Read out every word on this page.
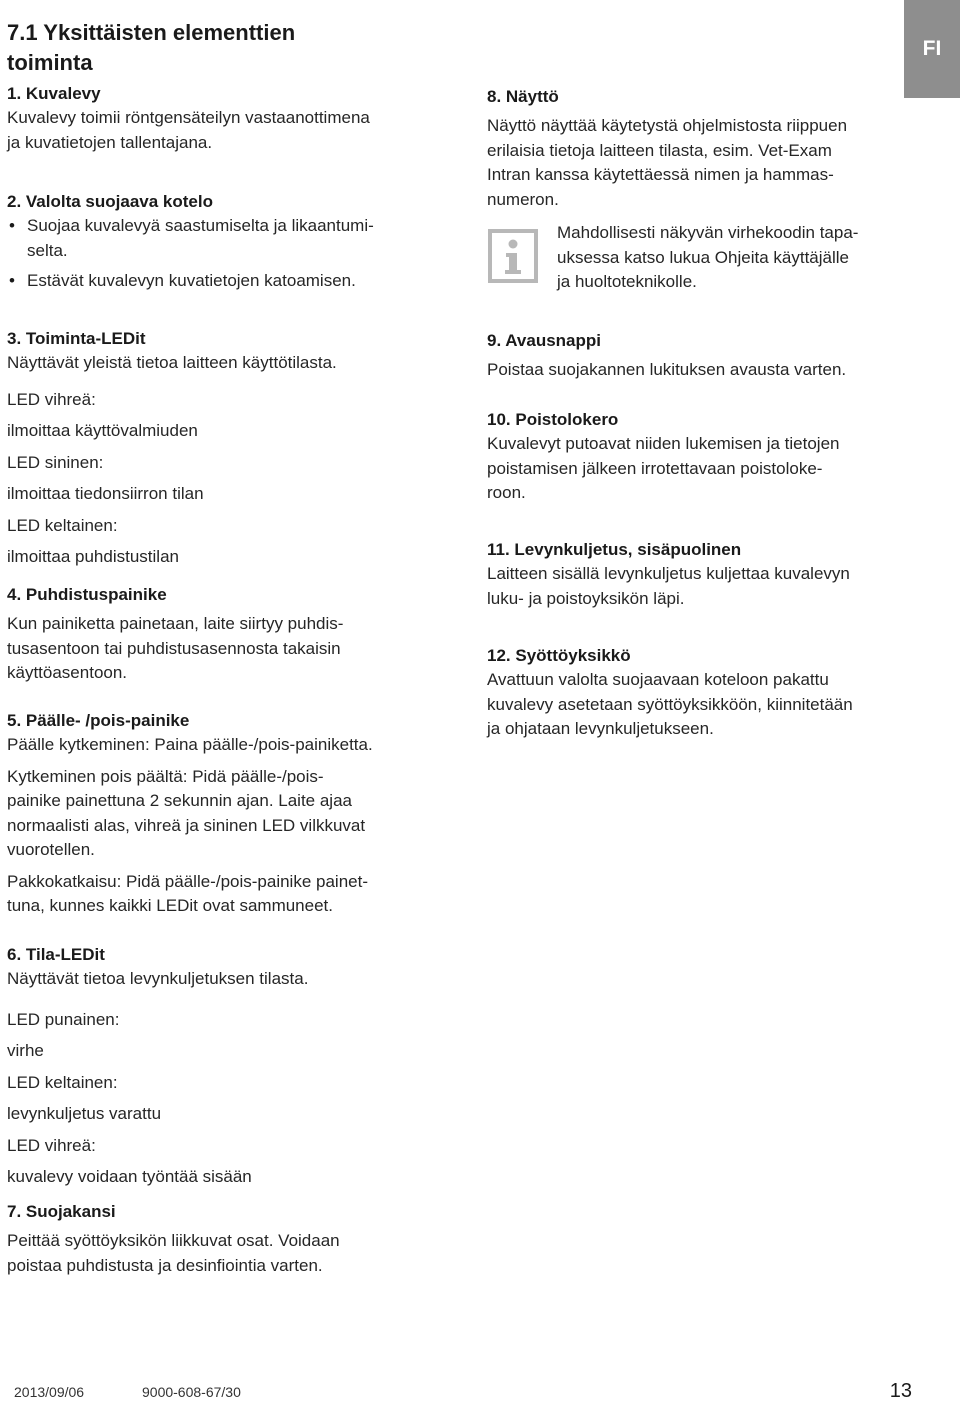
FI
7.1 Yksittäisten elementtien
toiminta
1. Kuvalevy

Kuvalevy toimii röntgensäteilyn vastaanottimena
ja kuvatietojen tallentajana.

2. Valolta suojaava kotelo
• Suojaa kuvalevyä saastumiselta ja likaantumi-
selta.
• Estävät kuvalevyn kuvatietojen katoamisen.
3. Toiminta-LEDit

Näyttävät yleistä tietoa laitteen käyttötilasta.

LED vihreä:

ilmoittaa käyttövalmiuden

LED sininen:

ilmoittaa tiedonsiirron tilan

LED keltainen:

ilmoittaa puhdistustilan

4. Puhdistuspainike

Kun painiketta painetaan, laite siirtyy puhdis-
tusasentoon tai puhdistusasennosta takaisin
käyttöasentoon.

5. Päälle- /pois-painike

Päälle kytkeminen: Paina päälle-/pois-painiketta.

Kytkeminen pois päältä: Pidä päälle-/pois-
painike painettuna 2 sekunnin ajan. Laite ajaa
normaalisti alas, vihreä ja sininen LED vilkkuvat
vuorotellen.

Pakkokatkaisu: Pidä päälle-/pois-painike painet-
tuna, kunnes kaikki LEDit ovat sammuneet.

6. Tila-LEDit

Näyttävät tietoa levynkuljetuksen tilasta.

LED punainen:

virhe

LED keltainen:

levynkuljetus varattu

LED vihreä:

kuvalevy voidaan työntää sisään

7. Suojakansi

Peittää syöttöyksikön liikkuvat osat. Voidaan
poistaa puhdistusta ja desinfiointia varten.

8. Näyttö

Näyttö näyttää käytetystä ohjelmistosta riippuen
erilaisia tietoja laitteen tilasta, esim. Vet-Exam
Intran kanssa käytettäessä nimen ja hammas-
numeron.

Mahdollisesti näkyvän virhekoodin tapa-
uksessa katso lukua Ohjeita käyttäjälle
ja huoltoteknikolle.
9. Avausnappi

Poistaa suojakannen lukituksen avausta varten.

10. Poistolokero

Kuvalevyt putoavat niiden lukemisen ja tietojen
poistamisen jälkeen irrotettavaan poistoloke-
roon.

11. Levynkuljetus, sisäpuolinen

Laitteen sisällä levynkuljetus kuljettaa kuvalevyn
luku- ja poistoyksikön läpi.

12. Syöttöyksikkö

Avattuun valolta suojaavaan koteloon pakattu
kuvalevy asetetaan syöttöyksikköön, kiinnitetään
ja ohjataan levynkuljetukseen.

2013/09/06	9000-608-67/30	13
